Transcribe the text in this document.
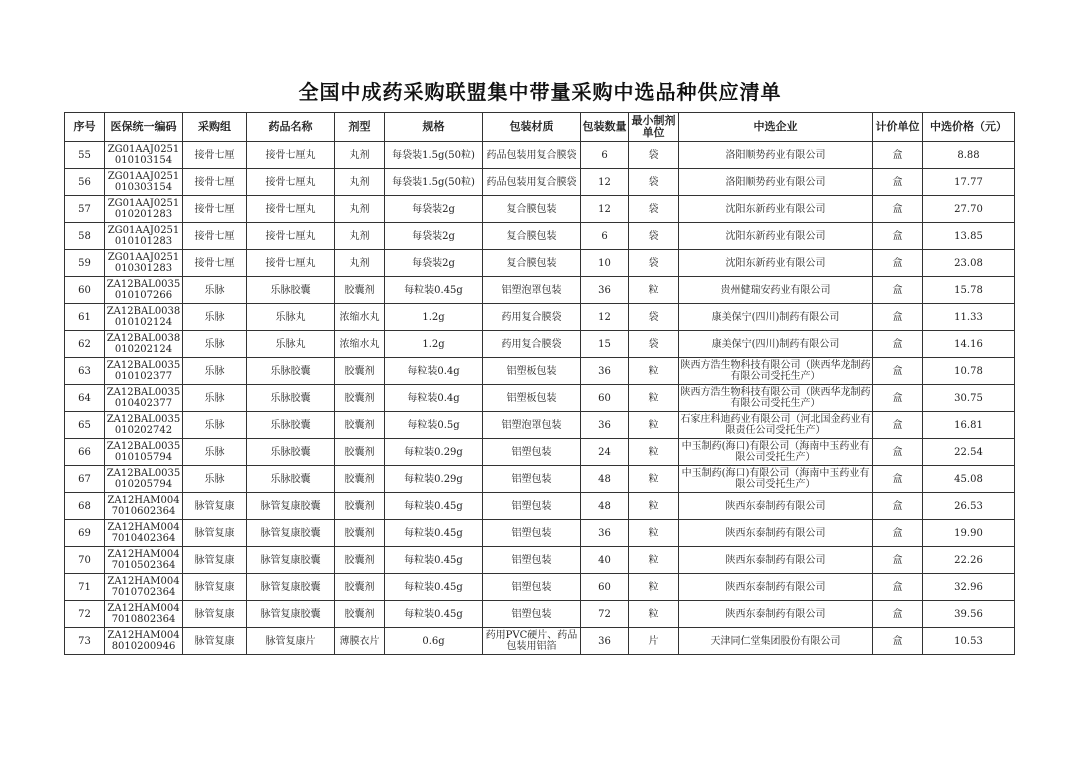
全国中成药采购联盟集中带量采购中选品种供应清单
序号	医保统一编码	采购组	药品名称	剂型	规格	包装材质	包装数量	最小制剂单位	中选企业	计价单位	中选价格（元）
55	ZG01AAJ0251010103154	接骨七厘	接骨七厘丸	丸剂	每袋装1.5g(50粒)	药品包装用复合膜袋	6	袋	洛阳顺势药业有限公司	盒	8.88
56	ZG01AAJ0251010303154	接骨七厘	接骨七厘丸	丸剂	每袋装1.5g(50粒)	药品包装用复合膜袋	12	袋	洛阳顺势药业有限公司	盒	17.77
57	ZG01AAJ0251010201283	接骨七厘	接骨七厘丸	丸剂	每袋装2g	复合膜包装	12	袋	沈阳东新药业有限公司	盒	27.70
58	ZG01AAJ0251010101283	接骨七厘	接骨七厘丸	丸剂	每袋装2g	复合膜包装	6	袋	沈阳东新药业有限公司	盒	13.85
59	ZG01AAJ0251010301283	接骨七厘	接骨七厘丸	丸剂	每袋装2g	复合膜包装	10	袋	沈阳东新药业有限公司	盒	23.08
60	ZA12BAL0035010107266	乐脉	乐脉胶囊	胶囊剂	每粒装0.45g	铝塑泡罩包装	36	粒	贵州健瑞安药业有限公司	盒	15.78
61	ZA12BAL0038010102124	乐脉	乐脉丸	浓缩水丸	1.2g	药用复合膜袋	12	袋	康美保宁(四川)制药有限公司	盒	11.33
62	ZA12BAL0038010202124	乐脉	乐脉丸	浓缩水丸	1.2g	药用复合膜袋	15	袋	康美保宁(四川)制药有限公司	盒	14.16
63	ZA12BAL0035010102377	乐脉	乐脉胶囊	胶囊剂	每粒装0.4g	铝塑板包装	36	粒	陕西方浩生物科技有限公司（陕西华龙制药有限公司受托生产）	盒	10.78
64	ZA12BAL0035010402377	乐脉	乐脉胶囊	胶囊剂	每粒装0.4g	铝塑板包装	60	粒	陕西方浩生物科技有限公司（陕西华龙制药有限公司受托生产）	盒	30.75
65	ZA12BAL0035010202742	乐脉	乐脉胶囊	胶囊剂	每粒装0.5g	铝塑泡罩包装	36	粒	石家庄科迪药业有限公司（河北国金药业有限责任公司受托生产）	盒	16.81
66	ZA12BAL0035010105794	乐脉	乐脉胶囊	胶囊剂	每粒装0.29g	铝塑包装	24	粒	中玉制药(海口)有限公司（海南中玉药业有限公司受托生产）	盒	22.54
67	ZA12BAL0035010205794	乐脉	乐脉胶囊	胶囊剂	每粒装0.29g	铝塑包装	48	粒	中玉制药(海口)有限公司（海南中玉药业有限公司受托生产）	盒	45.08
68	ZA12HAM0047010602364	脉管复康	脉管复康胶囊	胶囊剂	每粒装0.45g	铝塑包装	48	粒	陕西东泰制药有限公司	盒	26.53
69	ZA12HAM0047010402364	脉管复康	脉管复康胶囊	胶囊剂	每粒装0.45g	铝塑包装	36	粒	陕西东泰制药有限公司	盒	19.90
70	ZA12HAM0047010502364	脉管复康	脉管复康胶囊	胶囊剂	每粒装0.45g	铝塑包装	40	粒	陕西东泰制药有限公司	盒	22.26
71	ZA12HAM0047010702364	脉管复康	脉管复康胶囊	胶囊剂	每粒装0.45g	铝塑包装	60	粒	陕西东泰制药有限公司	盒	32.96
72	ZA12HAM0047010802364	脉管复康	脉管复康胶囊	胶囊剂	每粒装0.45g	铝塑包装	72	粒	陕西东泰制药有限公司	盒	39.56
73	ZA12HAM0048010200946	脉管复康	脉管复康片	薄膜衣片	0.6g	药用PVC硬片、药品包装用铝箔	36	片	天津同仁堂集团股份有限公司	盒	10.53
